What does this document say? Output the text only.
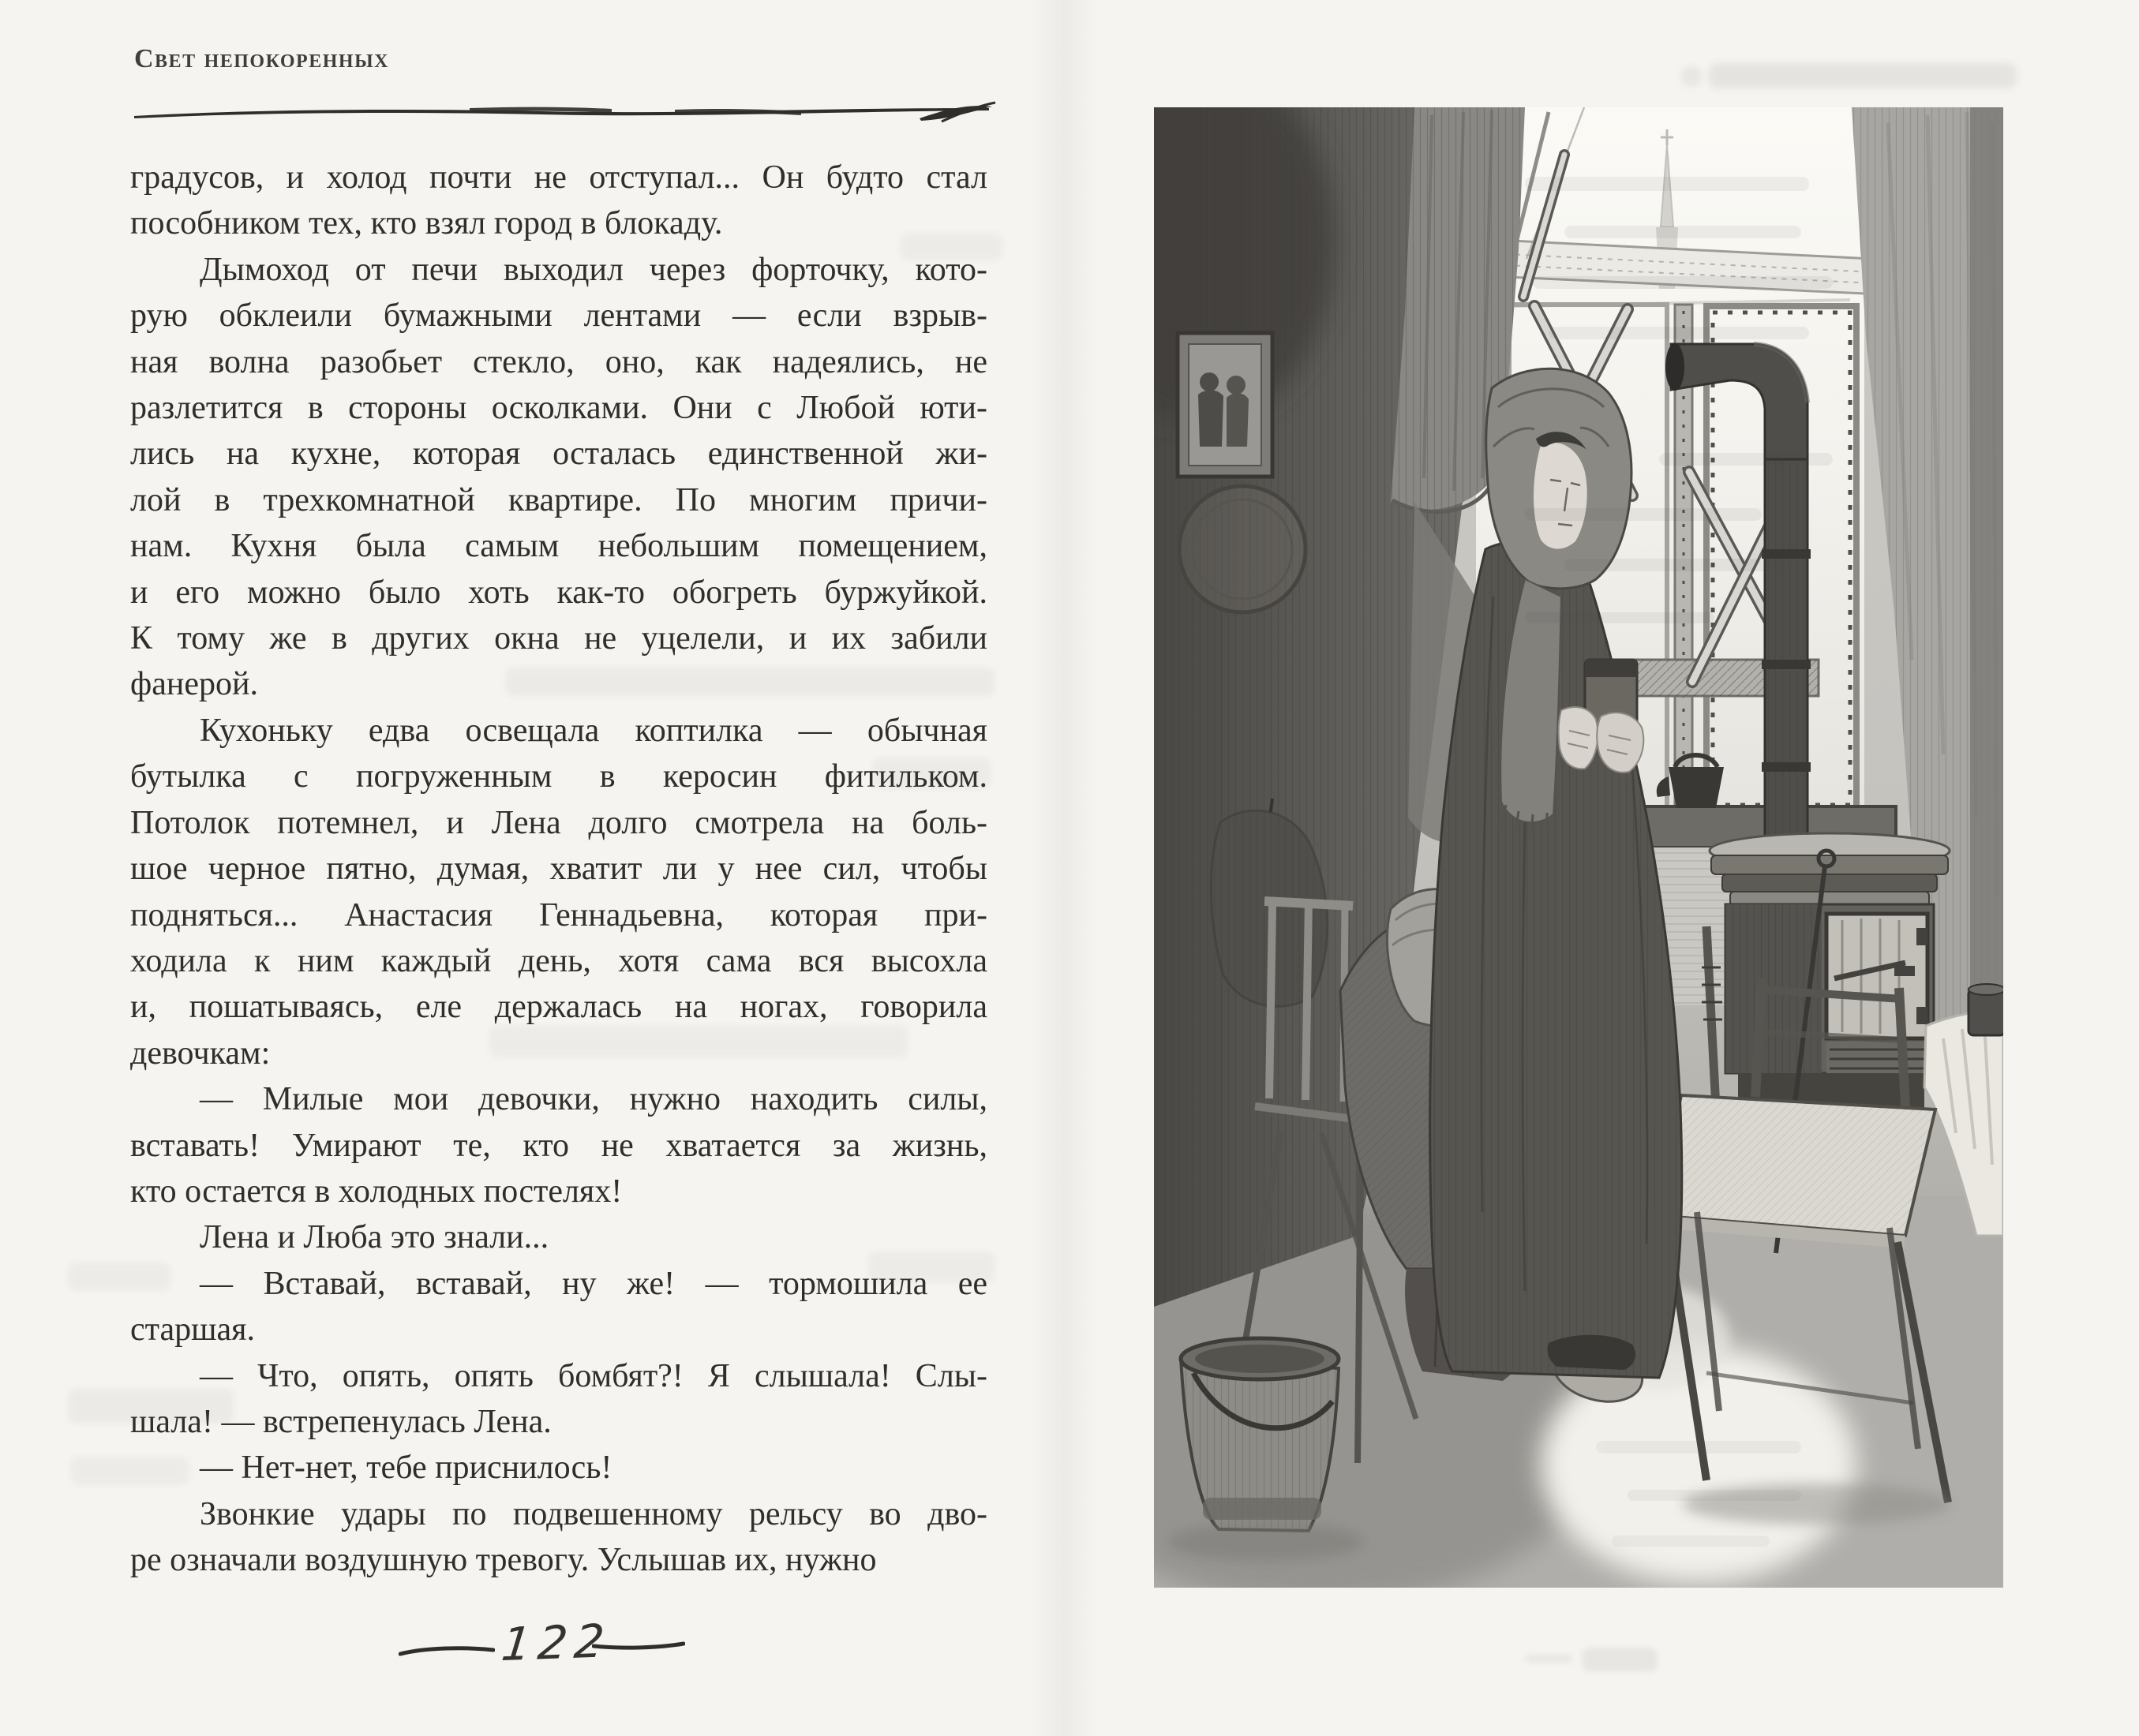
Свет непокоренных
градусов, и холод почти не отступал... Он будто стал
пособником тех, кто взял город в блокаду.
Дымоход от печи выходил через форточку, кото-
рую обклеили бумажными лентами — если взрыв-
ная волна разобьет стекло, оно, как надеялись, не
разлетится в стороны осколками. Они с Любой юти-
лись на кухне, которая осталась единственной жи-
лой в трехкомнатной квартире. По многим причи-
нам. Кухня была самым небольшим помещением,
и его можно было хоть как-то обогреть буржуйкой.
К тому же в других окна не уцелели, и их забили
фанерой.
Кухоньку едва освещала коптилка — обычная
бутылка с погруженным в керосин фитильком.
Потолок потемнел, и Лена долго смотрела на боль-
шое черное пятно, думая, хватит ли у нее сил, чтобы
подняться... Анастасия Геннадьевна, которая при-
ходила к ним каждый день, хотя сама вся высохла
и, пошатываясь, еле держалась на ногах, говорила
девочкам:
— Милые мои девочки, нужно находить силы,
вставать! Умирают те, кто не хватается за жизнь,
кто остается в холодных постелях!
Лена и Люба это знали...
— Вставай, вставай, ну же! — тормошила ее
старшая.
— Что, опять, опять бомбят?! Я слышала! Слы-
шала! — встрепенулась Лена.
— Нет-нет, тебе приснилось!
Звонкие удары по подвешенному рельсу во дво-
ре означали воздушную тревогу. Услышав их, нужно
122
